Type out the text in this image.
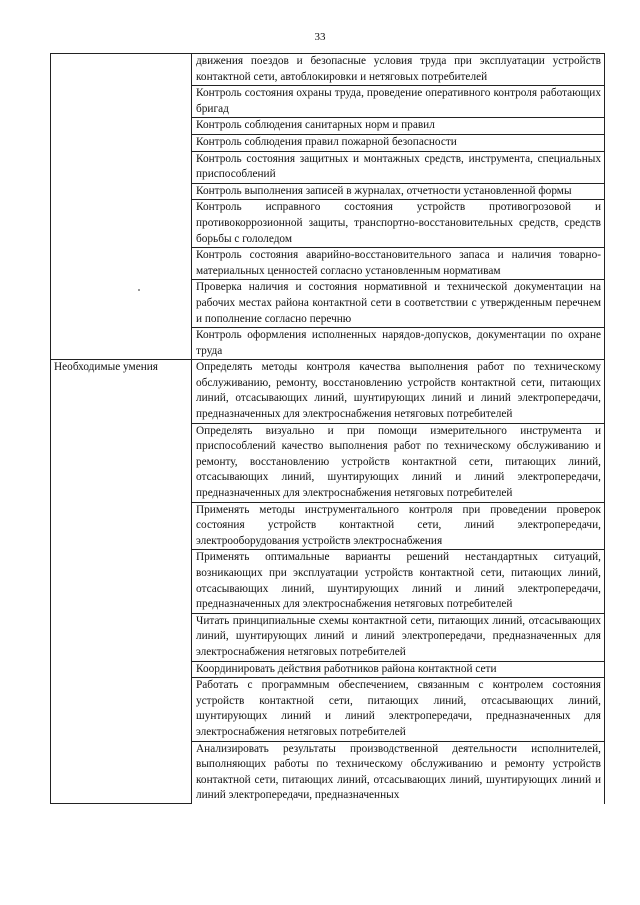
33
	движения поездов и безопасные условия труда при эксплуатации устройств контактной сети, автоблокировки и нетяговых потребителей
	Контроль состояния охраны труда, проведение оперативного контроля работающих бригад
	Контроль соблюдения санитарных норм и правил
	Контроль соблюдения правил пожарной безопасности
	Контроль состояния защитных и монтажных средств, инструмента, специальных приспособлений
	Контроль выполнения записей в журналах, отчетности установленной формы
	Контроль исправного состояния устройств противогрозовой и противокоррозионной защиты, транспортно-восстановительных средств, средств борьбы с гололедом
	Контроль состояния аварийно-восстановительного запаса и наличия товарно-материальных ценностей согласно установленным нормативам
	Проверка наличия и состояния нормативной и технической документации на рабочих местах района контактной сети в соответствии с утвержденным перечнем и пополнение согласно перечню
	Контроль оформления исполненных нарядов-допусков, документации по охране труда
Необходимые умения	Определять методы контроля качества выполнения работ по техническому обслуживанию, ремонту, восстановлению устройств контактной сети, питающих линий, отсасывающих линий, шунтирующих линий и линий электропередачи, предназначенных для электроснабжения нетяговых потребителей
	Определять визуально и при помощи измерительного инструмента и приспособлений качество выполнения работ по техническому обслуживанию и ремонту, восстановлению устройств контактной сети, питающих линий, отсасывающих линий, шунтирующих линий и линий электропередачи, предназначенных для электроснабжения нетяговых потребителей
	Применять методы инструментального контроля при проведении проверок состояния устройств контактной сети, линий электропередачи, электрооборудования устройств электроснабжения
	Применять оптимальные варианты решений нестандартных ситуаций, возникающих при эксплуатации устройств контактной сети, питающих линий, отсасывающих линий, шунтирующих линий и линий электропередачи, предназначенных для электроснабжения нетяговых потребителей
	Читать принципиальные схемы контактной сети, питающих линий, отсасывающих линий, шунтирующих линий и линий электропередачи, предназначенных для электроснабжения нетяговых потребителей
	Координировать действия работников района контактной сети
	Работать с программным обеспечением, связанным с контролем состояния устройств контактной сети, питающих линий, отсасывающих линий, шунтирующих линий и линий электропередачи, предназначенных для электроснабжения нетяговых потребителей
	Анализировать результаты производственной деятельности исполнителей, выполняющих работы по техническому обслуживанию и ремонту устройств контактной сети, питающих линий, отсасывающих линий, шунтирующих линий и линий электропередачи, предназначенных
